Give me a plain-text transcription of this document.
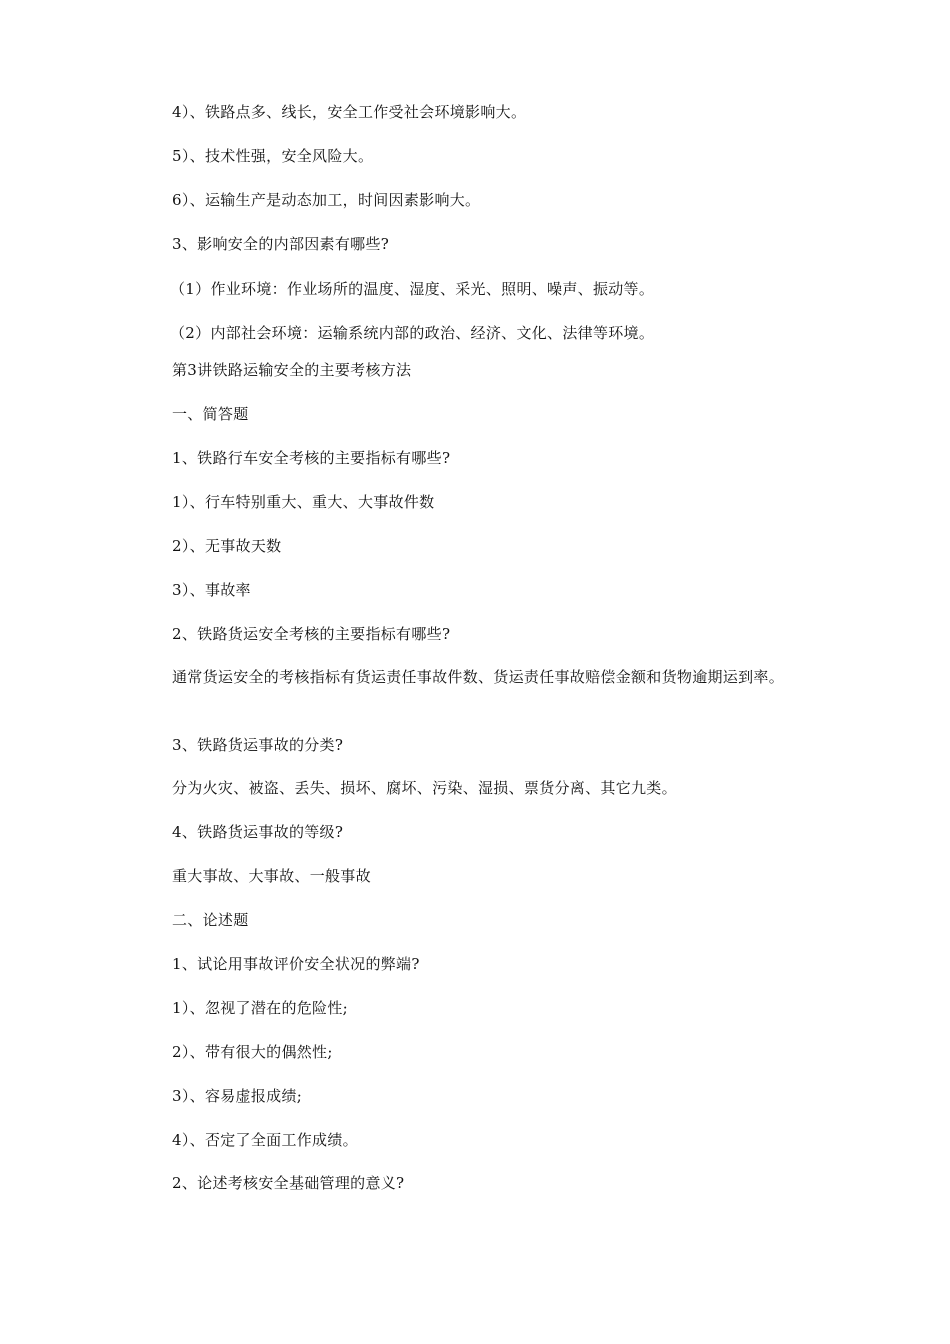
4）、铁路点多、线长，安全工作受社会环境影响大。
5）、技术性强，安全风险大。
6）、运输生产是动态加工，时间因素影响大。
3、影响安全的内部因素有哪些?
（1）作业环境：作业场所的温度、湿度、采光、照明、噪声、振动等。
（2）内部社会环境：运输系统内部的政治、经济、文化、法律等环境。
第3讲铁路运输安全的主要考核方法
一、简答题
1、铁路行车安全考核的主要指标有哪些?
1）、行车特别重大、重大、大事故件数
2）、无事故天数
3）、事故率
2、铁路货运安全考核的主要指标有哪些?
通常货运安全的考核指标有货运责任事故件数、货运责任事故赔偿金额和货物逾期运到率。
3、铁路货运事故的分类?
分为火灾、被盗、丢失、损坏、腐坏、污染、湿损、票货分离、其它九类。
4、铁路货运事故的等级?
重大事故、大事故、一般事故
二、论述题
1、试论用事故评价安全状况的弊端?
1）、忽视了潜在的危险性;
2）、带有很大的偶然性;
3）、容易虚报成绩;
4）、否定了全面工作成绩。
2、论述考核安全基础管理的意义?
